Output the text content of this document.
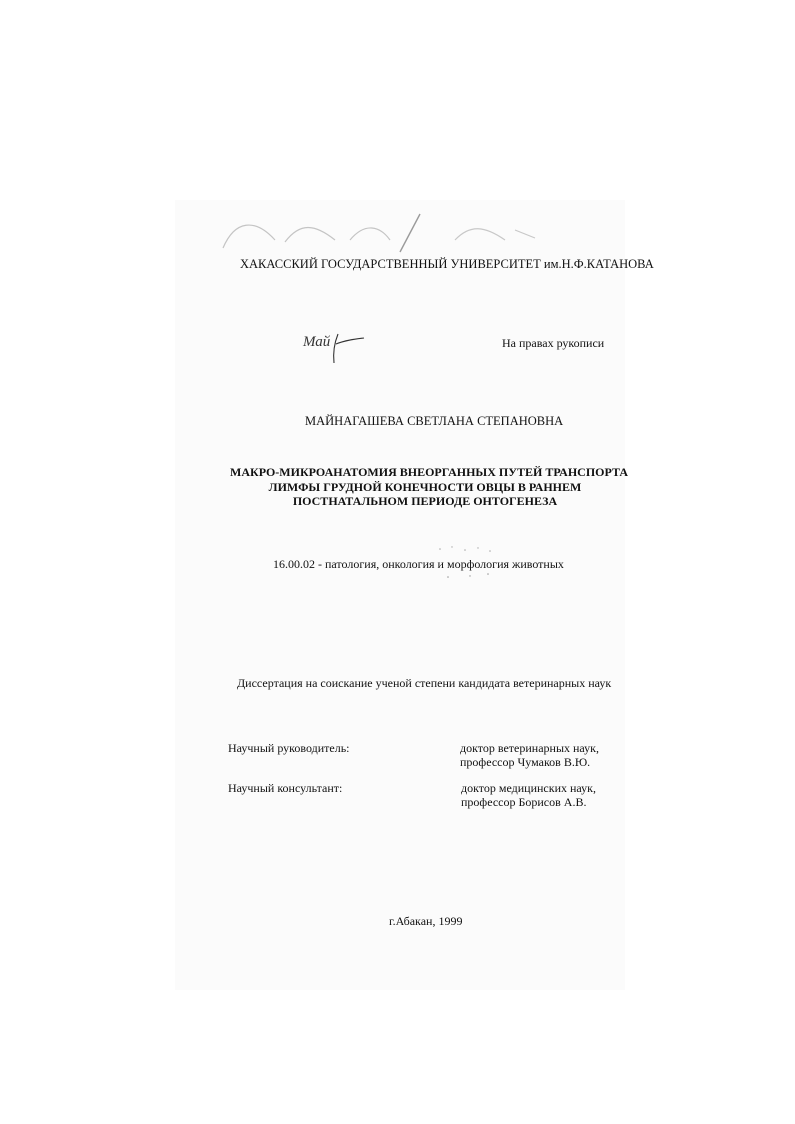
ХАКАССКИЙ ГОСУДАРСТВЕННЫЙ УНИВЕРСИТЕТ им.Н.Ф.КАТАНОВА
Май	На правах рукописи
МАЙНАГАШЕВА СВЕТЛАНА СТЕПАНОВНА
МАКРО-МИКРОАНАТОМИЯ ВНЕОРГАННЫХ ПУТЕЙ ТРАНСПОРТА
ЛИМФЫ ГРУДНОЙ КОНЕЧНОСТИ ОВЦЫ В РАННЕМ
ПОСТНАТАЛЬНОМ ПЕРИОДЕ ОНТОГЕНЕЗА
16.00.02 - патология, онкология и морфология животных
Диссертация на соискание ученой степени кандидата ветеринарных наук
Научный руководитель:	доктор ветеринарных наук,
профессор Чумаков В.Ю.
Научный консультант:	доктор медицинских наук,
профессор Борисов А.В.
г.Абакан, 1999
